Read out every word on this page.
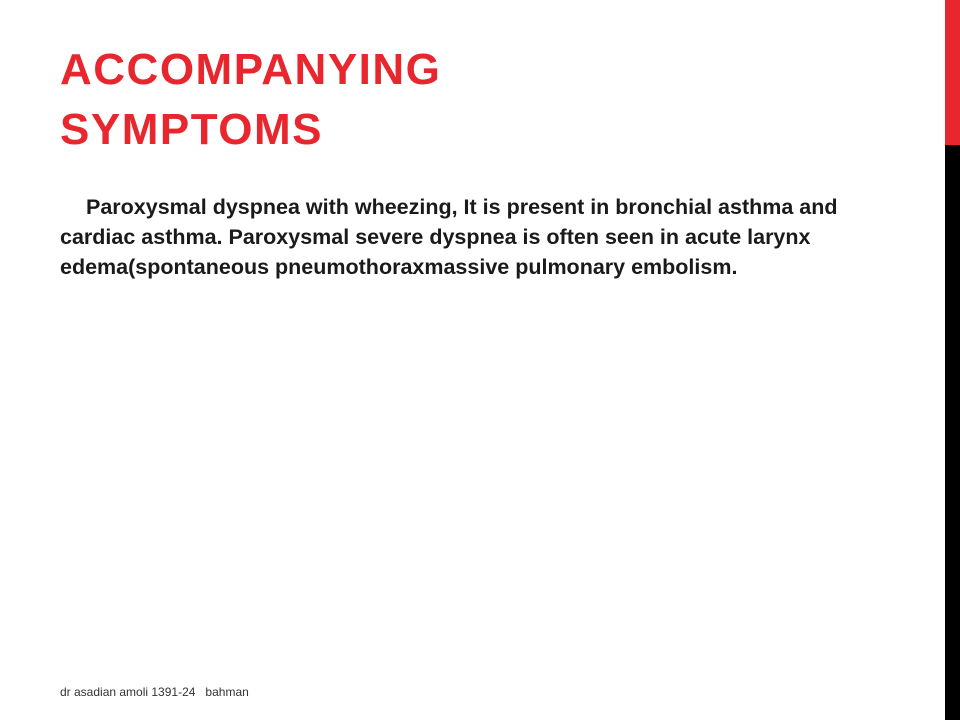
ACCOMPANYING
SYMPTOMS

Paroxysmal dyspnea with wheezing, It is present in bronchial asthma and cardiac asthma. Paroxysmal severe dyspnea is often seen in acute larynx edema(spontaneous pneumothoraxmassive pulmonary embolism.

dr asadian amoli 1391-24   bahman
